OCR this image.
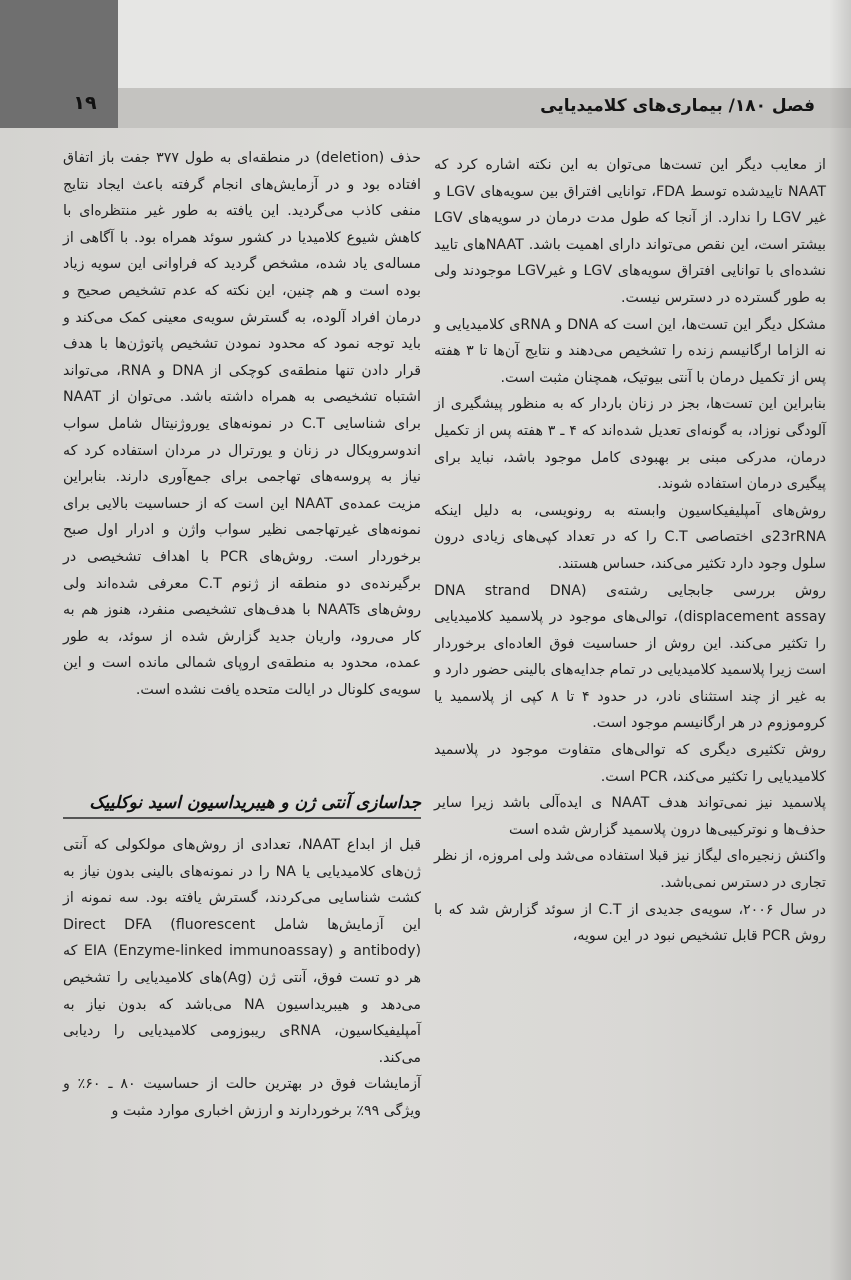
۱۹	فصل ۱۸۰/ بیماری‌های کلامیدیایی

از معایب دیگر این تست‌ها می‌توان به این نکته اشاره کرد که NAAT تاییدشده توسط FDA، توانایی افتراق بین سویه‌های LGV و غیر LGV را ندارد. از آنجا که طول مدت درمان در سویه‌های LGV بیشتر است، این نقص می‌تواند دارای اهمیت باشد. NAATهای تایید نشده‌ای با توانایی افتراق سویه‌های LGV و غیرLGV موجودند ولی به طور گسترده در دسترس نیست.

مشکل دیگر این تست‌ها، این است که DNA و RNAی کلامیدیایی و نه الزاما ارگانیسم زنده را تشخیص می‌دهند و نتایج آن‌ها تا ۳ هفته پس از تکمیل درمان با آنتی بیوتیک، همچنان مثبت است.

بنابراین این تست‌ها، بجز در زنان باردار که به منظور پیشگیری از آلودگی نوزاد، به گونه‌ای تعدیل شده‌اند که ۴ ـ ۳ هفته پس از تکمیل درمان، مدرکی مبنی بر بهبودی کامل موجود باشد، نباید برای پیگیری درمان استفاده شوند.

روش‌های آمپلیفیکاسیون وابسته به رونویسی، به دلیل اینکه 23rRNAی اختصاصی C.T را که در تعداد کپی‌های زیادی درون سلول وجود دارد تکثیر می‌کند، حساس هستند.

روش بررسی جابجایی رشته‌ی (DNA strand DNA displacement assay)، توالی‌های موجود در پلاسمید کلامیدیایی را تکثیر می‌کند. این روش از حساسیت فوق العاده‌ای برخوردار است زیرا پلاسمید کلامیدیایی در تمام جدایه‌های بالینی حضور دارد و به غیر از چند استثنای نادر، در حدود ۴ تا ۸ کپی از پلاسمید یا کروموزوم در هر ارگانیسم موجود است.

روش تکثیری دیگری که توالی‌های متفاوت موجود در پلاسمید کلامیدیایی را تکثیر می‌کند، PCR است.

پلاسمید نیز نمی‌تواند هدف NAAT ‌ی ایده‌آلی باشد زیرا سایر حذف‌ها و نوترکیبی‌ها درون پلاسمید گزارش شده است

واکنش زنجیره‌ای لیگاز نیز قبلا استفاده می‌شد ولی امروزه، از نظر تجاری در دسترس نمی‌باشد.

در سال ۲۰۰۶، سویه‌ی جدیدی از C.T از سوئد گزارش شد که با روش PCR قابل تشخیص نبود در این سویه،

حذف (deletion) در منطقه‌ای به طول ۳۷۷ جفت باز اتفاق افتاده بود و در آزمایش‌های انجام گرفته باعث ایجاد نتایج منفی کاذب می‌گردید. این یافته به طور غیر منتظره‌ای با کاهش شیوع کلامیدیا در کشور سوئد همراه بود. با آگاهی از مساله‌ی یاد شده، مشخص گردید که فراوانی این سویه زیاد بوده است و هم چنین، این نکته که عدم تشخیص صحیح و درمان افراد آلوده، به گسترش سویه‌ی معینی کمک می‌کند و باید توجه نمود که محدود نمودن تشخیص پاتوژن‌ها با هدف قرار دادن تنها منطقه‌ی کوچکی از DNA و RNA، می‌تواند اشتباه تشخیصی به همراه داشته باشد. می‌توان از NAAT برای شناسایی C.T در نمونه‌های یوروژنیتال شامل سواب اندوسرویکال در زنان و یورترال در مردان استفاده کرد که نیاز به پروسه‌های تهاجمی برای جمع‌آوری دارند. بنابراین مزیت عمده‌ی NAAT این است که از حساسیت بالایی برای نمونه‌های غیرتهاجمی نظیر سواب واژن و ادرار اول صبح برخوردار است. روش‌های PCR با اهداف تشخیصی در برگیرنده‌ی دو منطقه از ژنوم C.T معرفی شده‌اند ولی روش‌های NAATs با هدف‌های تشخیصی منفرد، هنوز هم به کار می‌رود، واریان جدید گزارش شده از سوئد، به طور عمده، محدود به منطقه‌ی اروپای شمالی مانده است و این سویه‌ی کلونال در ایالت متحده یافت نشده است.

جداسازی آنتی ژن و هیبریداسیون اسید نوکلییک

قبل از ابداع NAAT، تعدادی از روش‌های مولکولی که آنتی ژن‌های کلامیدیایی یا NA را در نمونه‌های بالینی بدون نیاز به کشت شناسایی می‌کردند، گسترش یافته بود. سه نمونه از این آزمایش‌ها شامل Direct DFA (fluorescent antibody) و EIA (Enzyme-linked immunoassay) که هر دو تست فوق، آنتی ژن (Ag)های کلامیدیایی را تشخیص می‌دهد و هیبریداسیون NA می‌باشد که بدون نیاز به آمپلیفیکاسیون، RNAی ریبوزومی کلامیدیایی را ردیابی می‌کند.

آزمایشات فوق در بهترین حالت از حساسیت ۸۰ ـ ۶۰٪ و ویژگی ۹۹٪ برخوردارند و ارزش اخباری موارد مثبت و
